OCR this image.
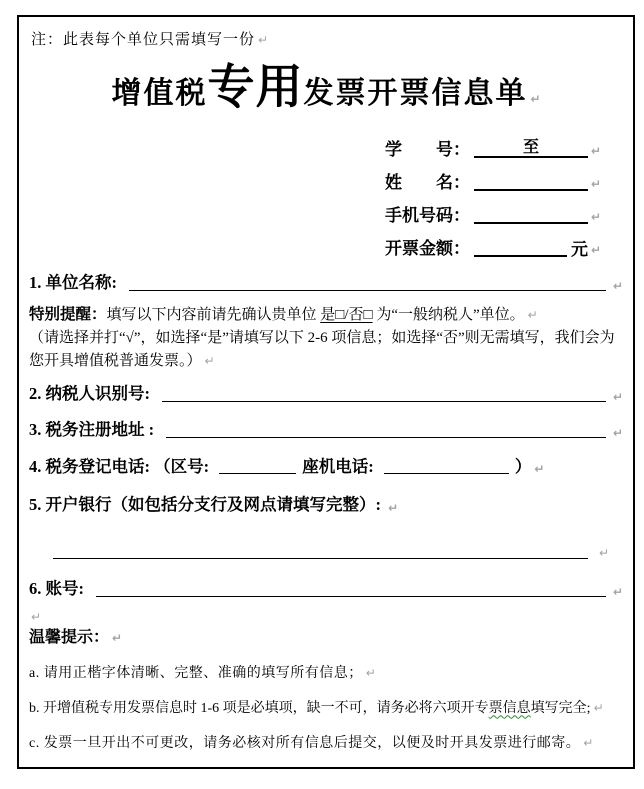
注：此表每个单位只需填写一份 ↵
增值税专用发票开票信息单 ↵
学　　号：	至	↵
姓　　名：	↵
手机号码：	↵
开票金额：	元 ↵
1. 单位名称:	↵
特别提醒：填写以下内容前请先确认贵单位 是□/否□ 为“一般纳税人”单位。 ↵
（请选择并打“√”，如选择“是”请填写以下 2-6 项信息；如选择“否”则无需填写，我们会为您开具增值税普通发票。） ↵
2. 纳税人识别号:	↵
3. 税务注册地址 :	↵
4. 税务登记电话: （区号:	座机电话:	） ↵
5. 开户银行（如包括分支行及网点请填写完整）: ↵
↵
6. 账号:	↵
↵
温馨提示： ↵
a. 请用正楷字体清晰、完整、准确的填写所有信息； ↵
b. 开增值税专用发票信息时 1-6 项是必填项，缺一不可，请务必将六项开专票信息填写完全; ↵
c. 发票一旦开出不可更改，请务必核对所有信息后提交，以便及时开具发票进行邮寄。 ↵
